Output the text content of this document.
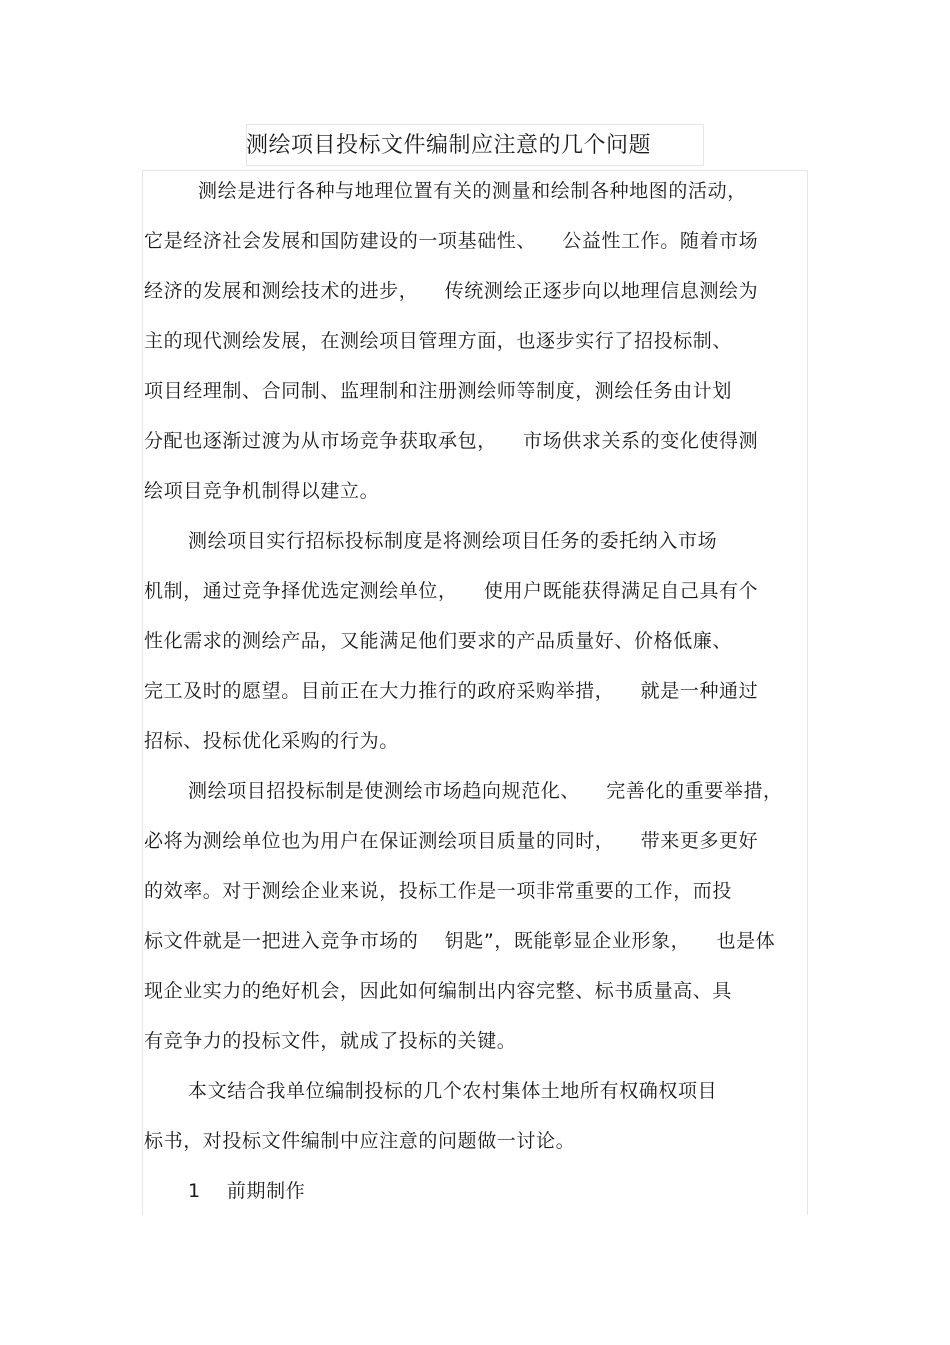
测绘项目投标文件编制应注意的几个问题
测绘是进行各种与地理位置有关的测量和绘制各种地图的活动，
它是经济社会发展和国防建设的一项基础性、 　公益性工作。随着市场
经济的发展和测绘技术的进步， 　传统测绘正逐步向以地理信息测绘为
主的现代测绘发展，在测绘项目管理方面，也逐步实行了招投标制、
项目经理制、合同制、监理制和注册测绘师等制度，测绘任务由计划
分配也逐渐过渡为从市场竞争获取承包， 　市场供求关系的变化使得测
绘项目竞争机制得以建立。
测绘项目实行招标投标制度是将测绘项目任务的委托纳入市场
机制，通过竞争择优选定测绘单位， 　使用户既能获得满足自己具有个
性化需求的测绘产品，又能满足他们要求的产品质量好、价格低廉、
完工及时的愿望。目前正在大力推行的政府采购举措， 　就是一种通过
招标、投标优化采购的行为。
测绘项目招投标制是使测绘市场趋向规范化、 　完善化的重要举措，
必将为测绘单位也为用户在保证测绘项目质量的同时， 　带来更多更好
的效率。对于测绘企业来说，投标工作是一项非常重要的工作，而投
标文件就是一把进入竞争市场的 　钥匙”，既能彰显企业形象， 　也是体
现企业实力的绝好机会，因此如何编制出内容完整、标书质量高、具
有竞争力的投标文件，就成了投标的关键。
本文结合我单位编制投标的几个农村集体土地所有权确权项目
标书，对投标文件编制中应注意的问题做一讨论。
1 　前期制作
